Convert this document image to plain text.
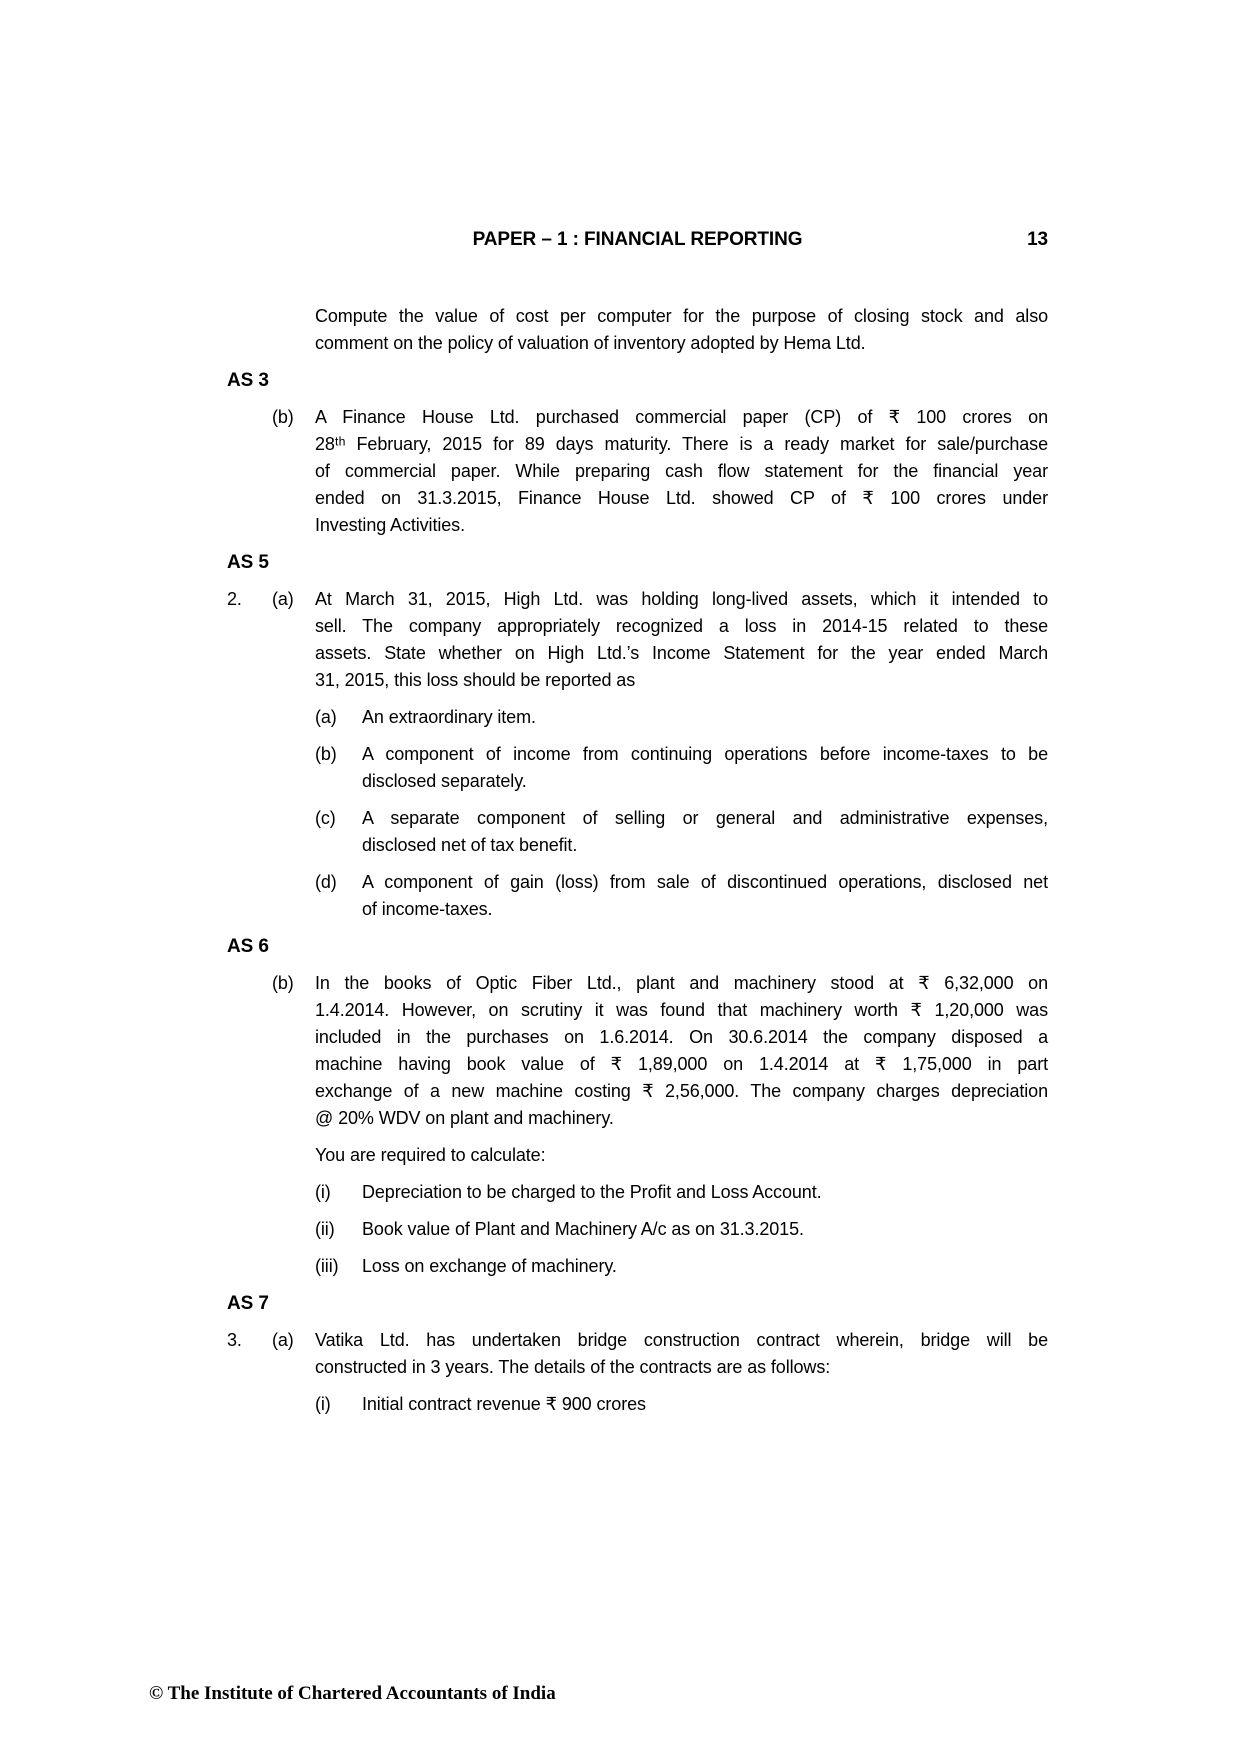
PAPER – 1 : FINANCIAL REPORTING	13
Compute the value of cost per computer for the purpose of closing stock and also
comment on the policy of valuation of inventory adopted by Hema Ltd.
AS 3
(b)	A Finance House Ltd. purchased commercial paper (CP) of ₹ 100 crores on
28ᵗʰ February, 2015 for 89 days maturity. There is a ready market for sale/purchase
of commercial paper. While preparing cash flow statement for the financial year
ended on 31.3.2015, Finance House Ltd. showed CP of ₹ 100 crores under
Investing Activities.
AS 5
2.	(a)	At March 31, 2015, High Ltd. was holding long-lived assets, which it intended to
sell. The company appropriately recognized a loss in 2014-15 related to these
assets. State whether on High Ltd.’s Income Statement for the year ended March
31, 2015, this loss should be reported as
(a)	An extraordinary item.
(b)	A component of income from continuing operations before income-taxes to be
disclosed separately.
(c)	A separate component of selling or general and administrative expenses,
disclosed net of tax benefit.
(d)	A component of gain (loss) from sale of discontinued operations, disclosed net
of income-taxes.
AS 6
(b)	In the books of Optic Fiber Ltd., plant and machinery stood at ₹ 6,32,000 on
1.4.2014. However, on scrutiny it was found that machinery worth ₹ 1,20,000 was
included in the purchases on 1.6.2014. On 30.6.2014 the company disposed a
machine having book value of ₹ 1,89,000 on 1.4.2014 at ₹ 1,75,000 in part
exchange of a new machine costing ₹ 2,56,000. The company charges depreciation
@ 20% WDV on plant and machinery.
You are required to calculate:
(i)	Depreciation to be charged to the Profit and Loss Account.
(ii)	Book value of Plant and Machinery A/c as on 31.3.2015.
(iii)	Loss on exchange of machinery.
AS 7
3.	(a)	Vatika Ltd. has undertaken bridge construction contract wherein, bridge will be
constructed in 3 years. The details of the contracts are as follows:
(i)	Initial contract revenue ₹ 900 crores
© The Institute of Chartered Accountants of India
